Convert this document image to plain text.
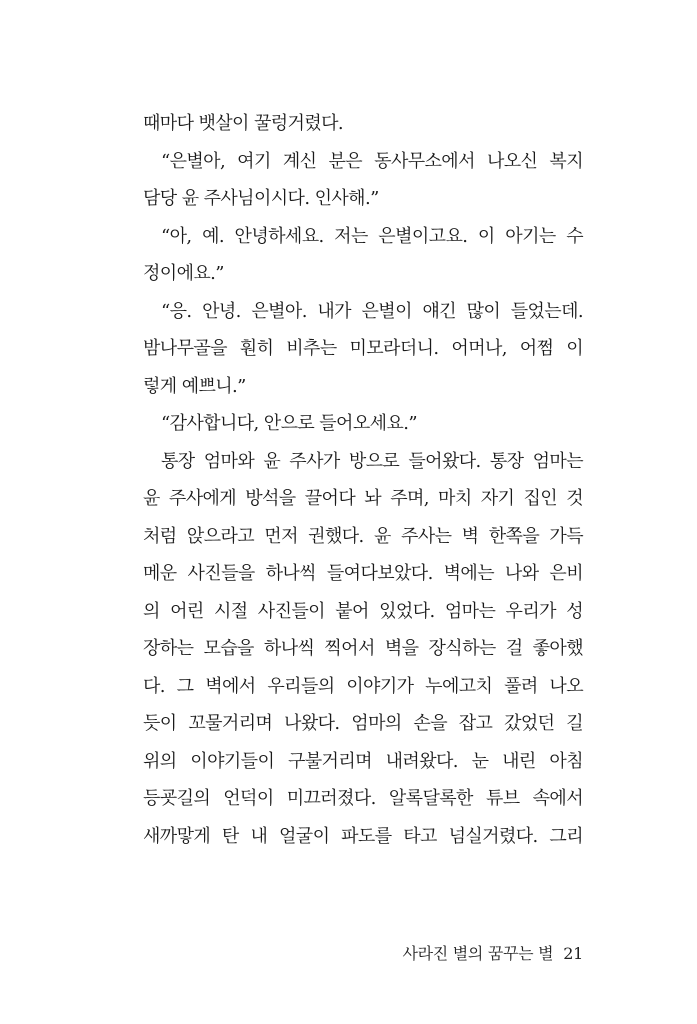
때마다 뱃살이 꿀렁거렸다.
“은별아, 여기 계신 분은 동사무소에서 나오신 복지
담당 윤 주사님이시다. 인사해.”
“아, 예. 안녕하세요. 저는 은별이고요. 이 아기는 수
정이에요.”
“응. 안녕. 은별아. 내가 은별이 얘긴 많이 들었는데.
밤나무골을 훤히 비추는 미모라더니. 어머나, 어쩜 이
렇게 예쁘니.”
“감사합니다, 안으로 들어오세요.”
통장 엄마와 윤 주사가 방으로 들어왔다. 통장 엄마는
윤 주사에게 방석을 끌어다 놔 주며, 마치 자기 집인 것
처럼 앉으라고 먼저 권했다. 윤 주사는 벽 한쪽을 가득
메운 사진들을 하나씩 들여다보았다. 벽에는 나와 은비
의 어린 시절 사진들이 붙어 있었다. 엄마는 우리가 성
장하는 모습을 하나씩 찍어서 벽을 장식하는 걸 좋아했
다. 그 벽에서 우리들의 이야기가 누에고치 풀려 나오
듯이 꼬물거리며 나왔다. 엄마의 손을 잡고 갔었던 길
위의 이야기들이 구불거리며 내려왔다. 눈 내린 아침
등굣길의 언덕이 미끄러졌다. 알록달록한 튜브 속에서
새까맣게 탄 내 얼굴이 파도를 타고 넘실거렸다. 그리
사라진 별의 꿈꾸는 별 21
